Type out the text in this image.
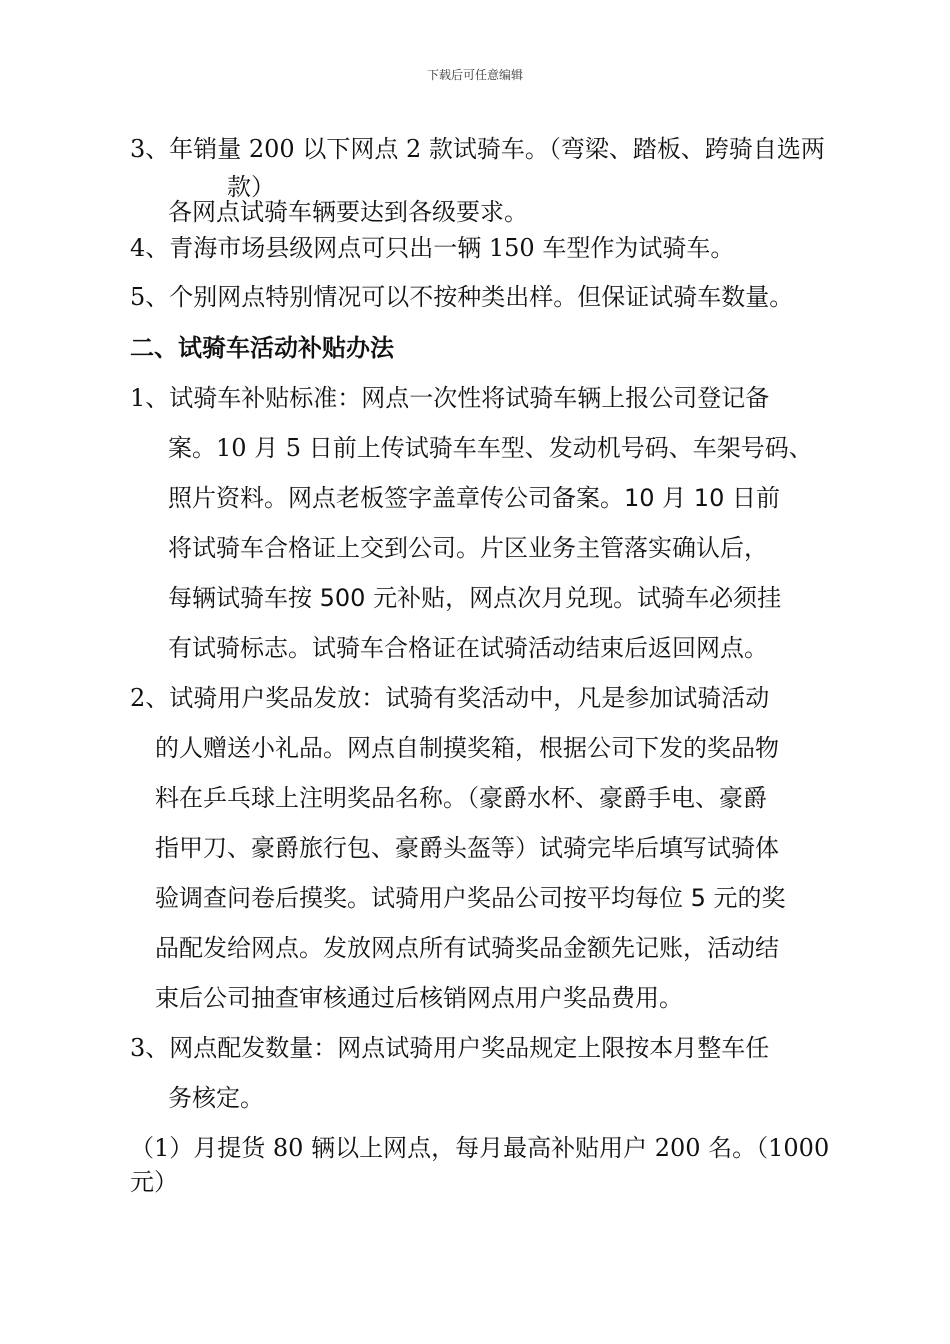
下载后可任意编辑
3、年销量 200 以下网点 2 款试骑车。（弯梁、踏板、跨骑自选两
款）
各网点试骑车辆要达到各级要求。
4、青海市场县级网点可只出一辆 150 车型作为试骑车。
5、个别网点特别情况可以不按种类出样。但保证试骑车数量。
二、试骑车活动补贴办法
1、试骑车补贴标准：网点一次性将试骑车辆上报公司登记备
案。10 月 5 日前上传试骑车车型、发动机号码、车架号码、
照片资料。网点老板签字盖章传公司备案。10 月 10 日前
将试骑车合格证上交到公司。片区业务主管落实确认后，
每辆试骑车按 500 元补贴，网点次月兑现。试骑车必须挂
有试骑标志。试骑车合格证在试骑活动结束后返回网点。
2、试骑用户奖品发放：试骑有奖活动中，凡是参加试骑活动
的人赠送小礼品。网点自制摸奖箱，根据公司下发的奖品物
料在乒乓球上注明奖品名称。（豪爵水杯、豪爵手电、豪爵
指甲刀、豪爵旅行包、豪爵头盔等）试骑完毕后填写试骑体
验调查问卷后摸奖。试骑用户奖品公司按平均每位 5 元的奖
品配发给网点。发放网点所有试骑奖品金额先记账，活动结
束后公司抽查审核通过后核销网点用户奖品费用。
3、网点配发数量：网点试骑用户奖品规定上限按本月整车任
务核定。
（1）月提货 80 辆以上网点，每月最高补贴用户 200 名。（1000
元）
